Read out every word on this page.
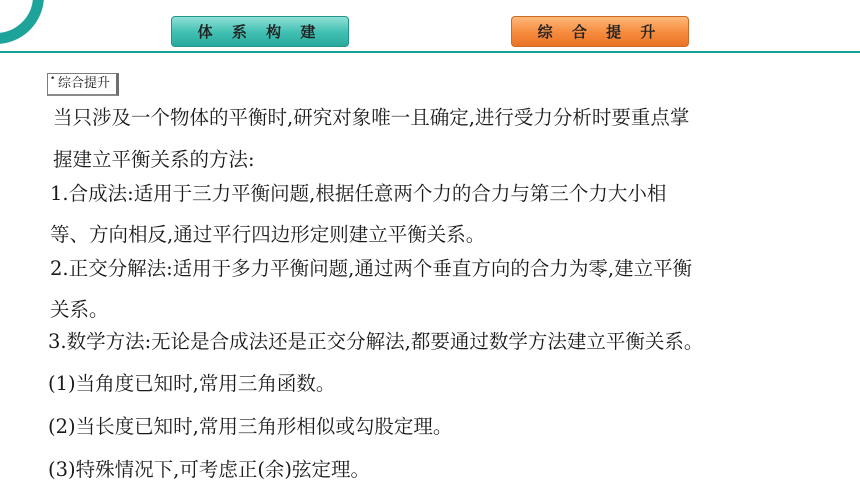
体 系 构 建	综 合 提 升
• 综合提升
当只涉及一个物体的平衡时,研究对象唯一且确定,进行受力分析时要重点掌
握建立平衡关系的方法:
1.合成法:适用于三力平衡问题,根据任意两个力的合力与第三个力大小相
等、方向相反,通过平行四边形定则建立平衡关系。
2.正交分解法:适用于多力平衡问题,通过两个垂直方向的合力为零,建立平衡
关系。
3.数学方法:无论是合成法还是正交分解法,都要通过数学方法建立平衡关系。
(1)当角度已知时,常用三角函数。
(2)当长度已知时,常用三角形相似或勾股定理。
(3)特殊情况下,可考虑正(余)弦定理。
